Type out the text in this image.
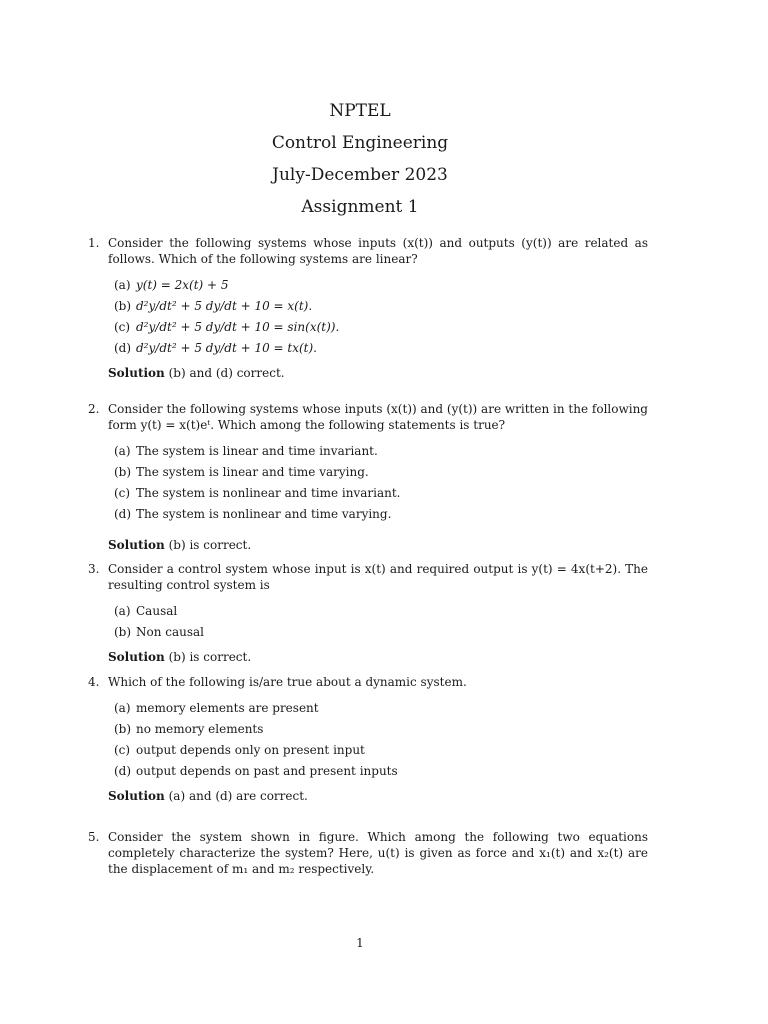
NPTEL
Control Engineering
July-December 2023
Assignment 1
1. Consider the following systems whose inputs (x(t)) and outputs (y(t)) are related as follows. Which of the following systems are linear?
(a) y(t) = 2x(t) + 5
(b) d²y/dt² + 5 dy/dt + 10 = x(t).
(c) d²y/dt² + 5 dy/dt + 10 = sin(x(t)).
(d) d²y/dt² + 5 dy/dt + 10 = tx(t).
Solution (b) and (d) correct.
2. Consider the following systems whose inputs (x(t)) and (y(t)) are written in the following form y(t) = x(t)eᵗ. Which among the following statements is true?
(a) The system is linear and time invariant.
(b) The system is linear and time varying.
(c) The system is nonlinear and time invariant.
(d) The system is nonlinear and time varying.
Solution (b) is correct.
3. Consider a control system whose input is x(t) and required output is y(t) = 4x(t+2). The resulting control system is
(a) Causal
(b) Non causal
Solution (b) is correct.
4. Which of the following is/are true about a dynamic system.
(a) memory elements are present
(b) no memory elements
(c) output depends only on present input
(d) output depends on past and present inputs
Solution (a) and (d) are correct.
5. Consider the system shown in figure. Which among the following two equations completely characterize the system? Here, u(t) is given as force and x₁(t) and x₂(t) are the displacement of m₁ and m₂ respectively.
1
